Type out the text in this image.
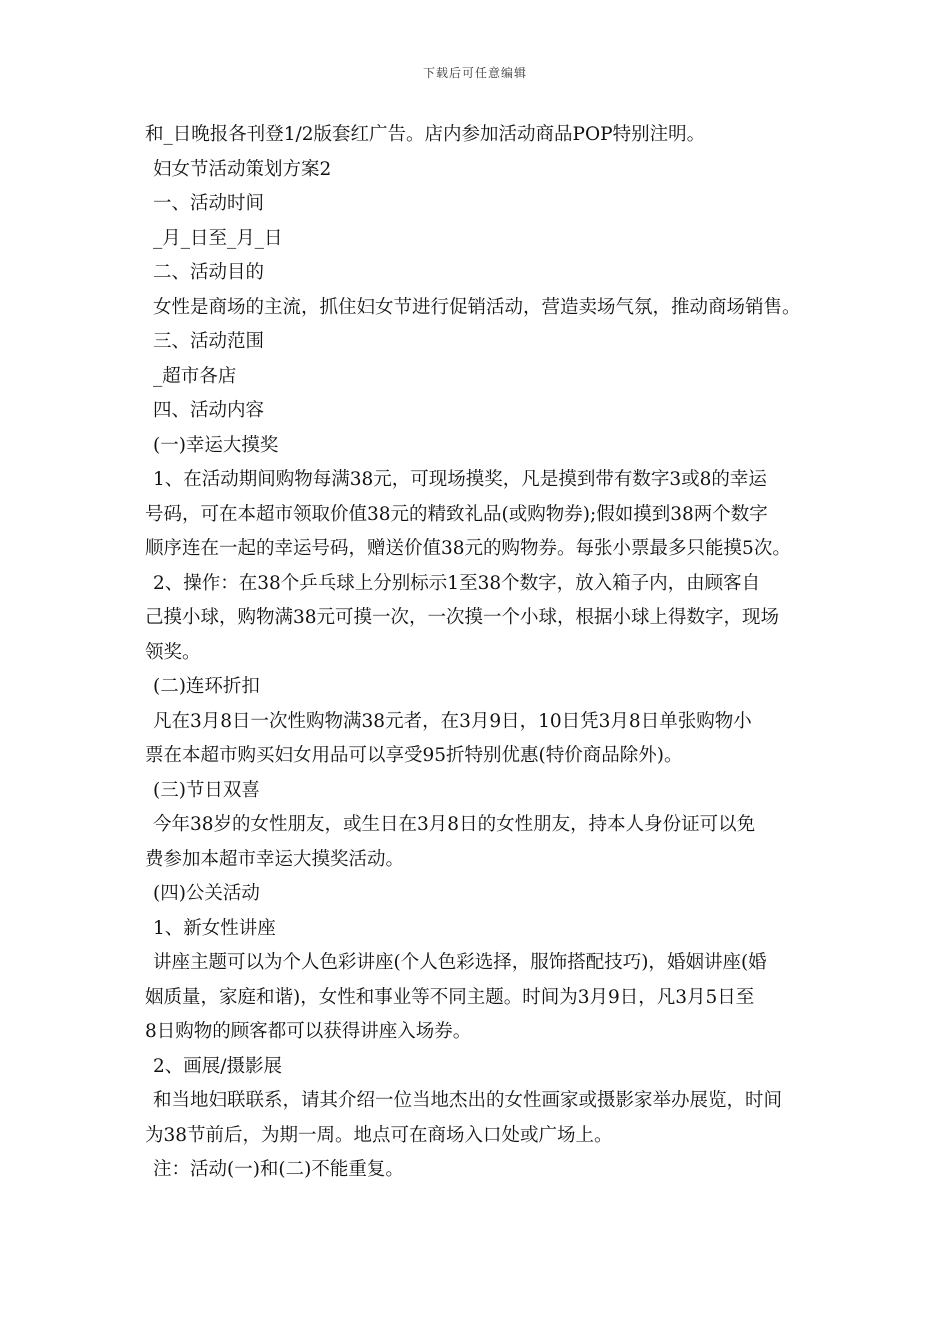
下载后可任意编辑

和_日晚报各刊登1/2版套红广告。店内参加活动商品POP特别注明。

妇女节活动策划方案2

一、活动时间

_月_日至_月_日

二、活动目的

女性是商场的主流，抓住妇女节进行促销活动，营造卖场气氛，推动商场销售。

三、活动范围

_超市各店

四、活动内容

(一)幸运大摸奖

1、在活动期间购物每满38元，可现场摸奖，凡是摸到带有数字3或8的幸运

号码，可在本超市领取价值38元的精致礼品(或购物券);假如摸到38两个数字

顺序连在一起的幸运号码，赠送价值38元的购物券。每张小票最多只能摸5次。

2、操作：在38个乒乓球上分别标示1至38个数字，放入箱子内，由顾客自

己摸小球，购物满38元可摸一次，一次摸一个小球，根据小球上得数字，现场

领奖。

(二)连环折扣

凡在3月8日一次性购物满38元者，在3月9日，10日凭3月8日单张购物小

票在本超市购买妇女用品可以享受95折特别优惠(特价商品除外)。

(三)节日双喜

今年38岁的女性朋友，或生日在3月8日的女性朋友，持本人身份证可以免

费参加本超市幸运大摸奖活动。

(四)公关活动

1、新女性讲座

讲座主题可以为个人色彩讲座(个人色彩选择，服饰搭配技巧)，婚姻讲座(婚

姻质量，家庭和谐)，女性和事业等不同主题。时间为3月9日，凡3月5日至

8日购物的顾客都可以获得讲座入场券。

2、画展/摄影展

和当地妇联联系，请其介绍一位当地杰出的女性画家或摄影家举办展览，时间

为38节前后，为期一周。地点可在商场入口处或广场上。

注：活动(一)和(二)不能重复。
